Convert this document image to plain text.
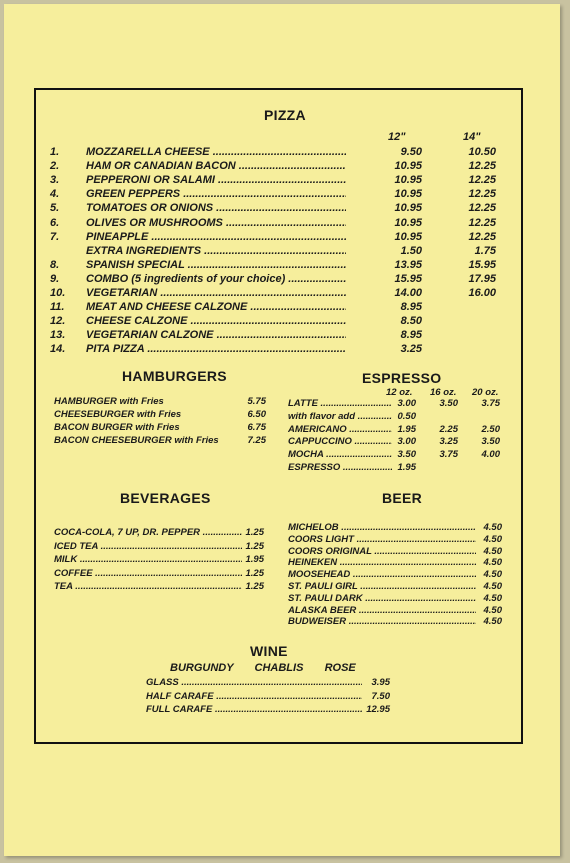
PIZZA
12"	14"
1.	MOZZARELLA CHEESE .....	9.50	10.50
2.	HAM OR CANADIAN BACON .....	10.95	12.25
3.	PEPPERONI OR SALAMI .....	10.95	12.25
4.	GREEN PEPPERS .....	10.95	12.25
5.	TOMATOES OR ONIONS .....	10.95	12.25
6.	OLIVES OR MUSHROOMS .....	10.95	12.25
7.	PINEAPPLE .....	10.95	12.25
EXTRA INGREDIENTS .....	1.50	1.75
8.	SPANISH SPECIAL .....	13.95	15.95
9.	COMBO (5 ingredients of your choice) .....	15.95	17.95
10.	VEGETARIAN .....	14.00	16.00
11.	MEAT AND CHEESE CALZONE .....	8.95
12.	CHEESE CALZONE .....	8.50
13.	VEGETARIAN CALZONE .....	8.95
14.	PITA PIZZA .....	3.25
HAMBURGERS
HAMBURGER with Fries	5.75
CHEESEBURGER with Fries	6.50
BACON BURGER with Fries	6.75
BACON CHEESEBURGER with Fries	7.25
ESPRESSO
12 oz. 16 oz. 20 oz.
LATTE .....	3.00	3.50	3.75
with flavor add .....	0.50
AMERICANO .....	1.95	2.25	2.50
CAPPUCCINO .....	3.00	3.25	3.50
MOCHA .....	3.50	3.75	4.00
ESPRESSO .....	1.95
BEVERAGES
COCA-COLA, 7 UP, DR. PEPPER .....	1.25
ICED TEA .....	1.25
MILK .....	1.95
COFFEE .....	1.25
TEA .....	1.25
BEER
MICHELOB .....	4.50
COORS LIGHT .....	4.50
COORS ORIGINAL .....	4.50
HEINEKEN .....	4.50
MOOSEHEAD .....	4.50
ST. PAULI GIRL .....	4.50
ST. PAULI DARK .....	4.50
ALASKA BEER .....	4.50
BUDWEISER .....	4.50
WINE
BURGUNDY   CHABLIS   ROSE
GLASS .....	3.95
HALF CARAFE .....	7.50
FULL CARAFE .....	12.95
